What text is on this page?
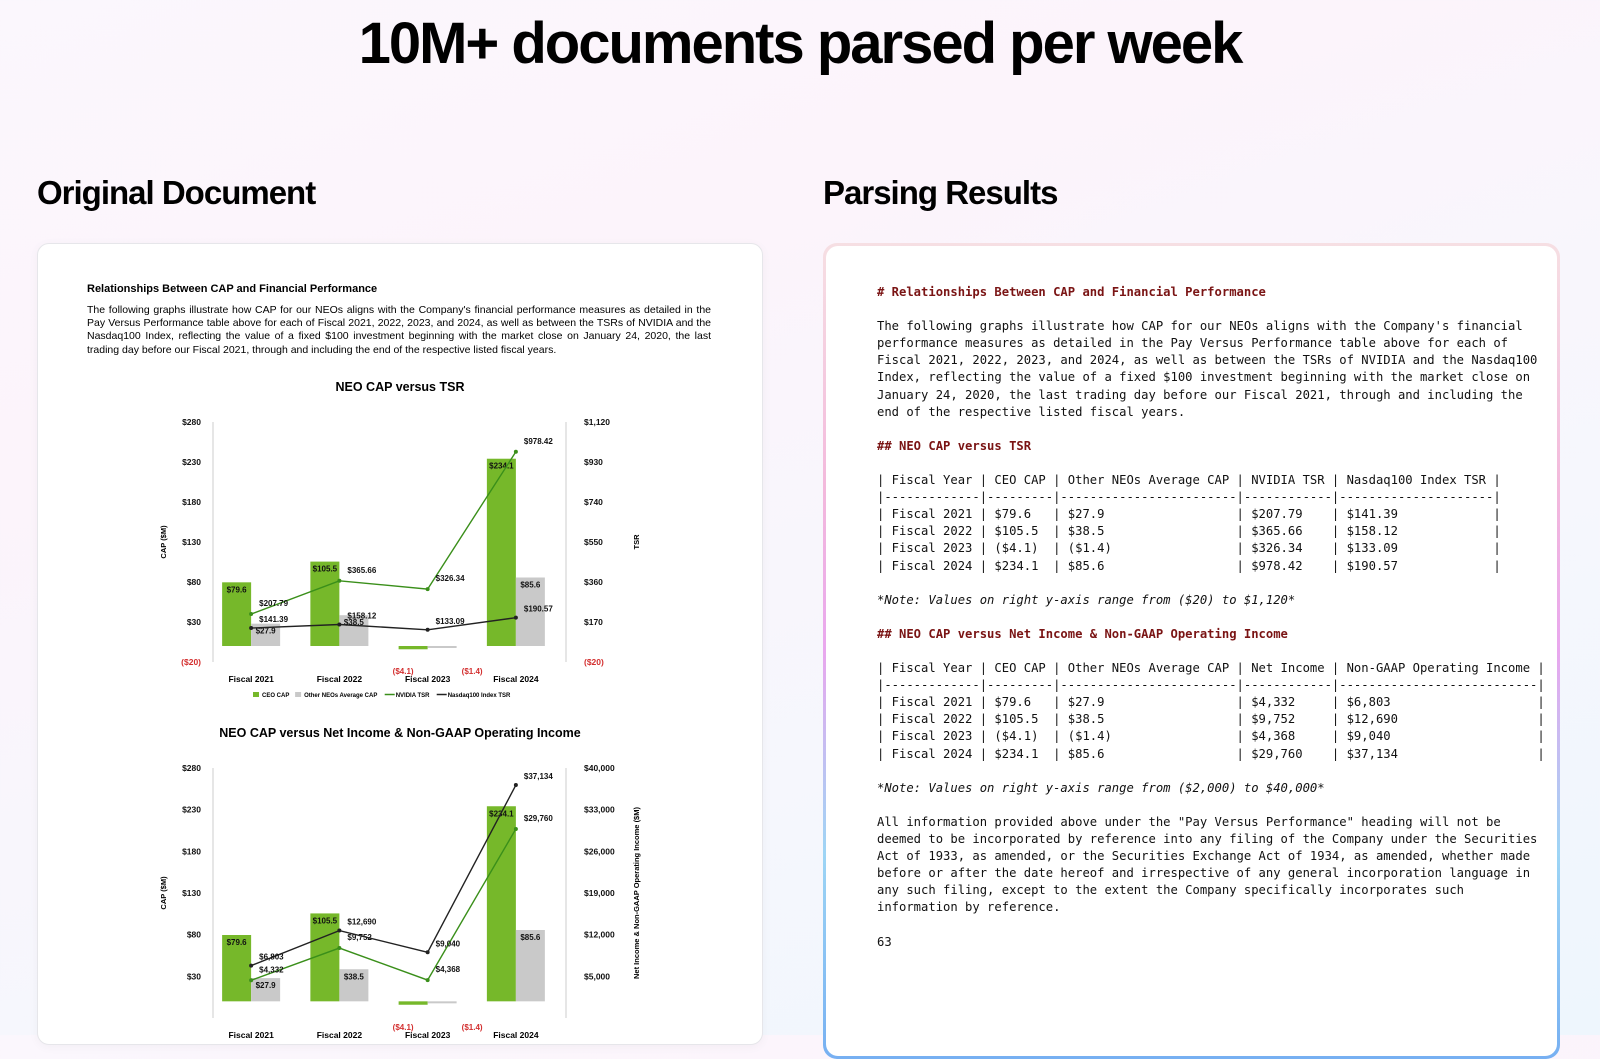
10M+ documents parsed per week
Original Document	Parsing Results
Relationships Between CAP and Financial Performance
The following graphs illustrate how CAP for our NEOs aligns with the Company's financial performance measures as detailed in the Pay Versus Performance table above for each of Fiscal 2021, 2022, 2023, and 2024, as well as between the TSRs of NVIDIA and the Nasdaq100 Index, reflecting the value of a fixed $100 investment beginning with the market close on January 24, 2020, the last trading day before our Fiscal 2021, through and including the end of the respective listed fiscal years.
NEO CAP versus TSR
$280
$230
$180
$130
$80
$30
($20)
$1,120
$930
$740
$550
$360
$170
($20)
CAP ($M)	TSR
$79.6
$105.5
($4.1)
$234.1
$27.9
$38.5
($1.4)
$85.6
$207.79
$365.66
$326.34
$978.42
$141.39	$158.12
$133.09
$190.57
Fiscal 2021	Fiscal 2022	Fiscal 2023	Fiscal 2024
CEO CAP Other NEOs Average CAP	NVIDIA TSR	Nasdaq100 Index TSR
NEO CAP versus Net Income & Non-GAAP Operating Income
$280
$230
$180
$130
$80
$30
$40,000
$33,000
$26,000
$19,000
$12,000
$5,000
CAP ($M)	Net Income & Non-GAAP Operating Income ($M)
$79.6
$105.5
($4.1)
$234.1
$27.9
$38.5
($1.4)
$85.6
$4,332
$9,752
$4,368
$29,760
$6,803
$12,690
$9,040
$37,134
Fiscal 2021	Fiscal 2022	Fiscal 2023	Fiscal 2024
# Relationships Between CAP and Financial Performance

The following graphs illustrate how CAP for our NEOs aligns with the Company's financial
performance measures as detailed in the Pay Versus Performance table above for each of
Fiscal 2021, 2022, 2023, and 2024, as well as between the TSRs of NVIDIA and the Nasdaq100
Index, reflecting the value of a fixed $100 investment beginning with the market close on
January 24, 2020, the last trading day before our Fiscal 2021, through and including the
end of the respective listed fiscal years.

## NEO CAP versus TSR

| Fiscal Year | CEO CAP | Other NEOs Average CAP | NVIDIA TSR | Nasdaq100 Index TSR |
|-------------|---------|------------------------|------------|---------------------|
| Fiscal 2021 | $79.6   | $27.9                  | $207.79    | $141.39             |
| Fiscal 2022 | $105.5  | $38.5                  | $365.66    | $158.12             |
| Fiscal 2023 | ($4.1)  | ($1.4)                 | $326.34    | $133.09             |
| Fiscal 2024 | $234.1  | $85.6                  | $978.42    | $190.57             |

*Note: Values on right y-axis range from ($20) to $1,120*

## NEO CAP versus Net Income & Non-GAAP Operating Income

| Fiscal Year | CEO CAP | Other NEOs Average CAP | Net Income | Non-GAAP Operating Income |
|-------------|---------|------------------------|------------|---------------------------|
| Fiscal 2021 | $79.6   | $27.9                  | $4,332     | $6,803                    |
| Fiscal 2022 | $105.5  | $38.5                  | $9,752     | $12,690                   |
| Fiscal 2023 | ($4.1)  | ($1.4)                 | $4,368     | $9,040                    |
| Fiscal 2024 | $234.1  | $85.6                  | $29,760    | $37,134                   |

*Note: Values on right y-axis range from ($2,000) to $40,000*

All information provided above under the "Pay Versus Performance" heading will not be
deemed to be incorporated by reference into any filing of the Company under the Securities
Act of 1933, as amended, or the Securities Exchange Act of 1934, as amended, whether made
before or after the date hereof and irrespective of any general incorporation language in
any such filing, except to the extent the Company specifically incorporates such
information by reference.

63
